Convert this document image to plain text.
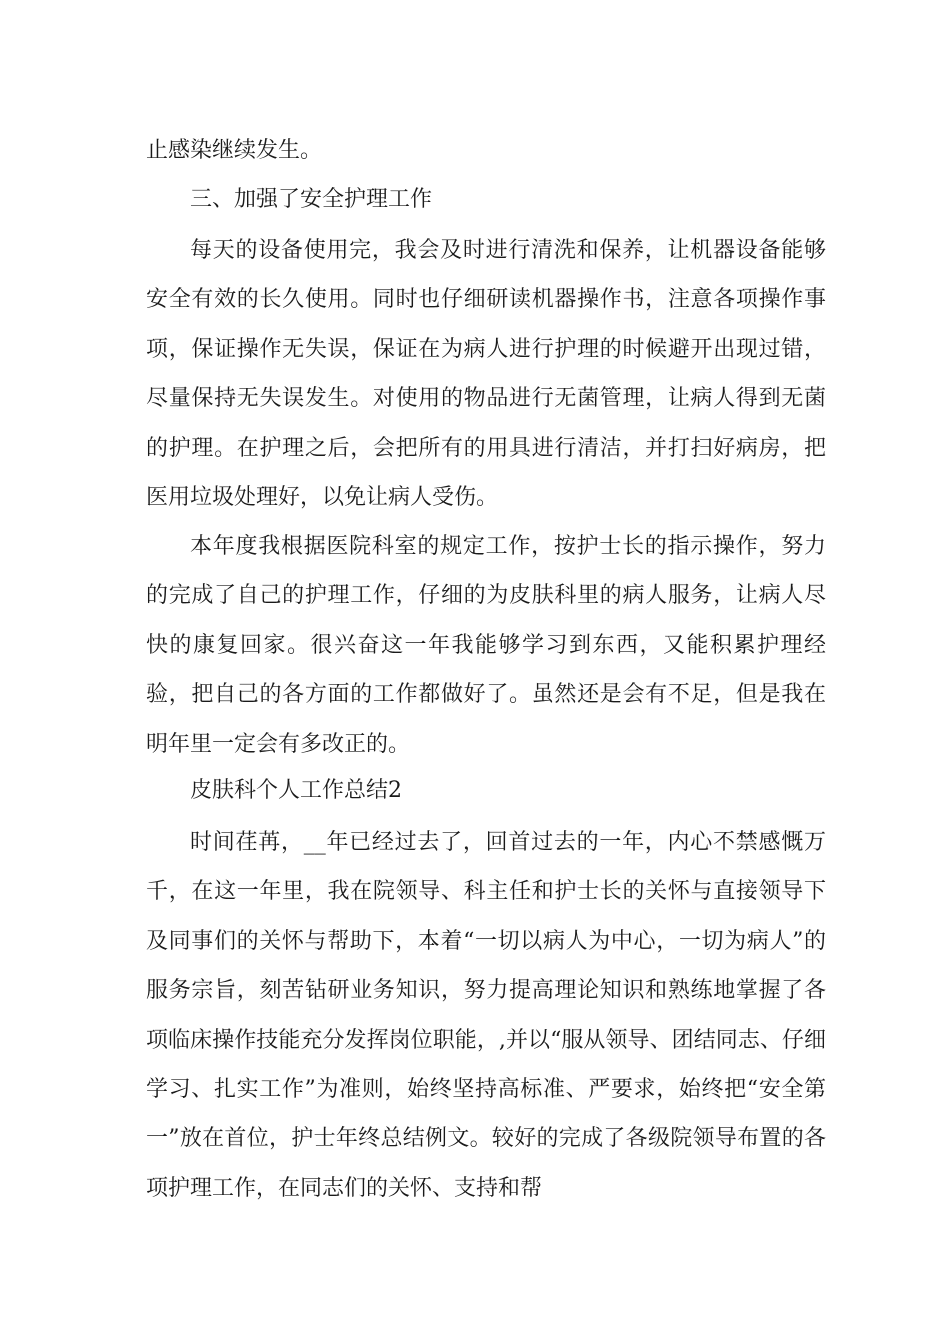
止感染继续发生。
三、加强了安全护理工作
每天的设备使用完，我会及时进行清洗和保养，让机器设备能够安全有效的长久使用。同时也仔细研读机器操作书，注意各项操作事项，保证操作无失误，保证在为病人进行护理的时候避开出现过错，尽量保持无失误发生。对使用的物品进行无菌管理，让病人得到无菌的护理。在护理之后，会把所有的用具进行清洁，并打扫好病房，把医用垃圾处理好，以免让病人受伤。
本年度我根据医院科室的规定工作，按护士长的指示操作，努力的完成了自己的护理工作，仔细的为皮肤科里的病人服务，让病人尽快的康复回家。很兴奋这一年我能够学习到东西，又能积累护理经验，把自己的各方面的工作都做好了。虽然还是会有不足，但是我在明年里一定会有多改正的。
皮肤科个人工作总结2
时间荏苒，__年已经过去了，回首过去的一年，内心不禁感慨万千，在这一年里，我在院领导、科主任和护士长的关怀与直接领导下及同事们的关怀与帮助下，本着“一切以病人为中心，一切为病人”的服务宗旨，刻苦钻研业务知识，努力提高理论知识和熟练地掌握了各项临床操作技能充分发挥岗位职能，,并以“服从领导、团结同志、仔细学习、扎实工作”为准则，始终坚持高标准、严要求，始终把“安全第一”放在首位，护士年终总结例文。较好的完成了各级院领导布置的各项护理工作，在同志们的关怀、支持和帮
